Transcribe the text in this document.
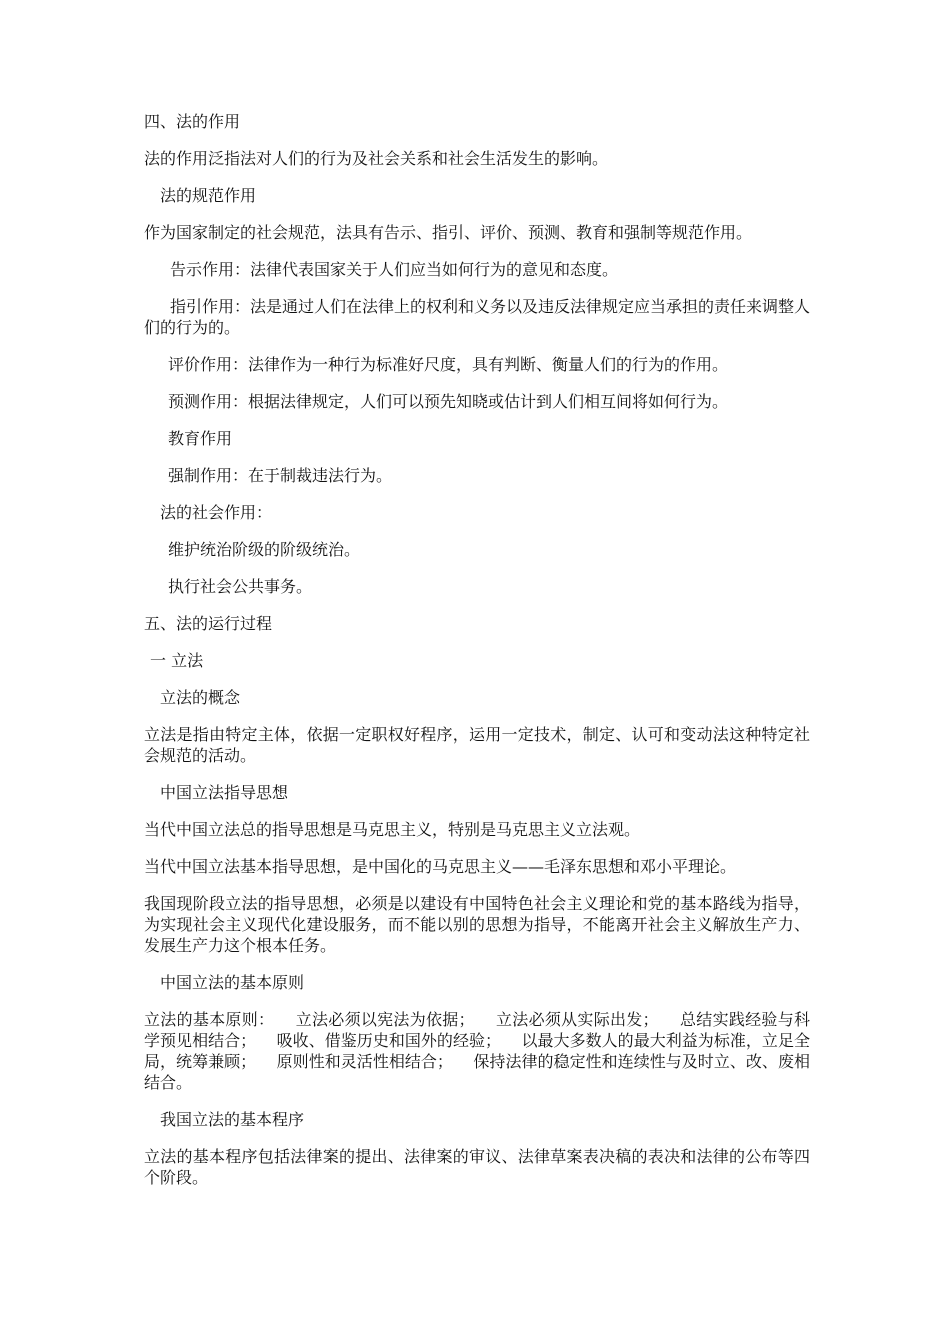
四、法的作用

法的作用泛指法对人们的行为及社会关系和社会生活发生的影响。

法的规范作用

作为国家制定的社会规范，法具有告示、指引、评价、预测、教育和强制等规范作用。

告示作用：法律代表国家关于人们应当如何行为的意见和态度。

指引作用：法是通过人们在法律上的权利和义务以及违反法律规定应当承担的责任来调整人们的行为的。

评价作用：法律作为一种行为标准好尺度，具有判断、衡量人们的行为的作用。

预测作用：根据法律规定，人们可以预先知晓或估计到人们相互间将如何行为。

教育作用

强制作用：在于制裁违法行为。

法的社会作用：

维护统治阶级的阶级统治。

执行社会公共事务。

五、法的运行过程

一 立法

立法的概念

立法是指由特定主体，依据一定职权好程序，运用一定技术，制定、认可和变动法这种特定社会规范的活动。

中国立法指导思想

当代中国立法总的指导思想是马克思主义，特别是马克思主义立法观。

当代中国立法基本指导思想，是中国化的马克思主义——毛泽东思想和邓小平理论。

我国现阶段立法的指导思想，必须是以建设有中国特色社会主义理论和党的基本路线为指导，为实现社会主义现代化建设服务，而不能以别的思想为指导，不能离开社会主义解放生产力、发展生产力这个根本任务。

中国立法的基本原则

立法的基本原则：    立法必须以宪法为依据；    立法必须从实际出发；    总结实践经验与科学预见相结合；    吸收、借鉴历史和国外的经验；    以最大多数人的最大利益为标准，立足全局，统筹兼顾；    原则性和灵活性相结合；    保持法律的稳定性和连续性与及时立、改、废相结合。

我国立法的基本程序

立法的基本程序包括法律案的提出、法律案的审议、法律草案表决稿的表决和法律的公布等四个阶段。
